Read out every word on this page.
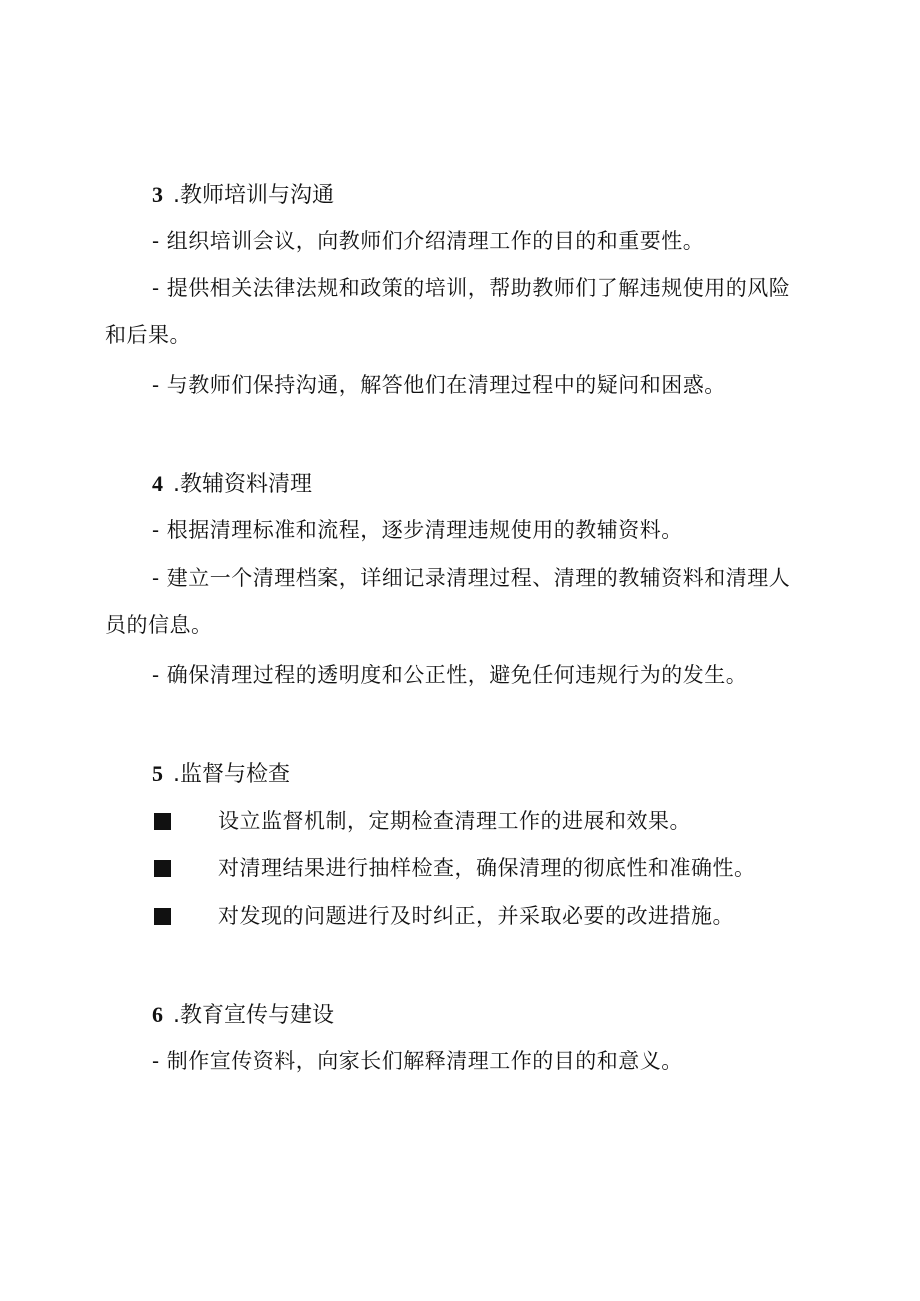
3 .教师培训与沟通
- 组织培训会议，向教师们介绍清理工作的目的和重要性。
- 提供相关法律法规和政策的培训，帮助教师们了解违规使用的风险和后果。
- 与教师们保持沟通，解答他们在清理过程中的疑问和困惑。
4 .教辅资料清理
- 根据清理标准和流程，逐步清理违规使用的教辅资料。
- 建立一个清理档案，详细记录清理过程、清理的教辅资料和清理人员的信息。
- 确保清理过程的透明度和公正性，避免任何违规行为的发生。
5 .监督与检查
设立监督机制，定期检查清理工作的进展和效果。
对清理结果进行抽样检查，确保清理的彻底性和准确性。
对发现的问题进行及时纠正，并采取必要的改进措施。
6 .教育宣传与建设
- 制作宣传资料，向家长们解释清理工作的目的和意义。
